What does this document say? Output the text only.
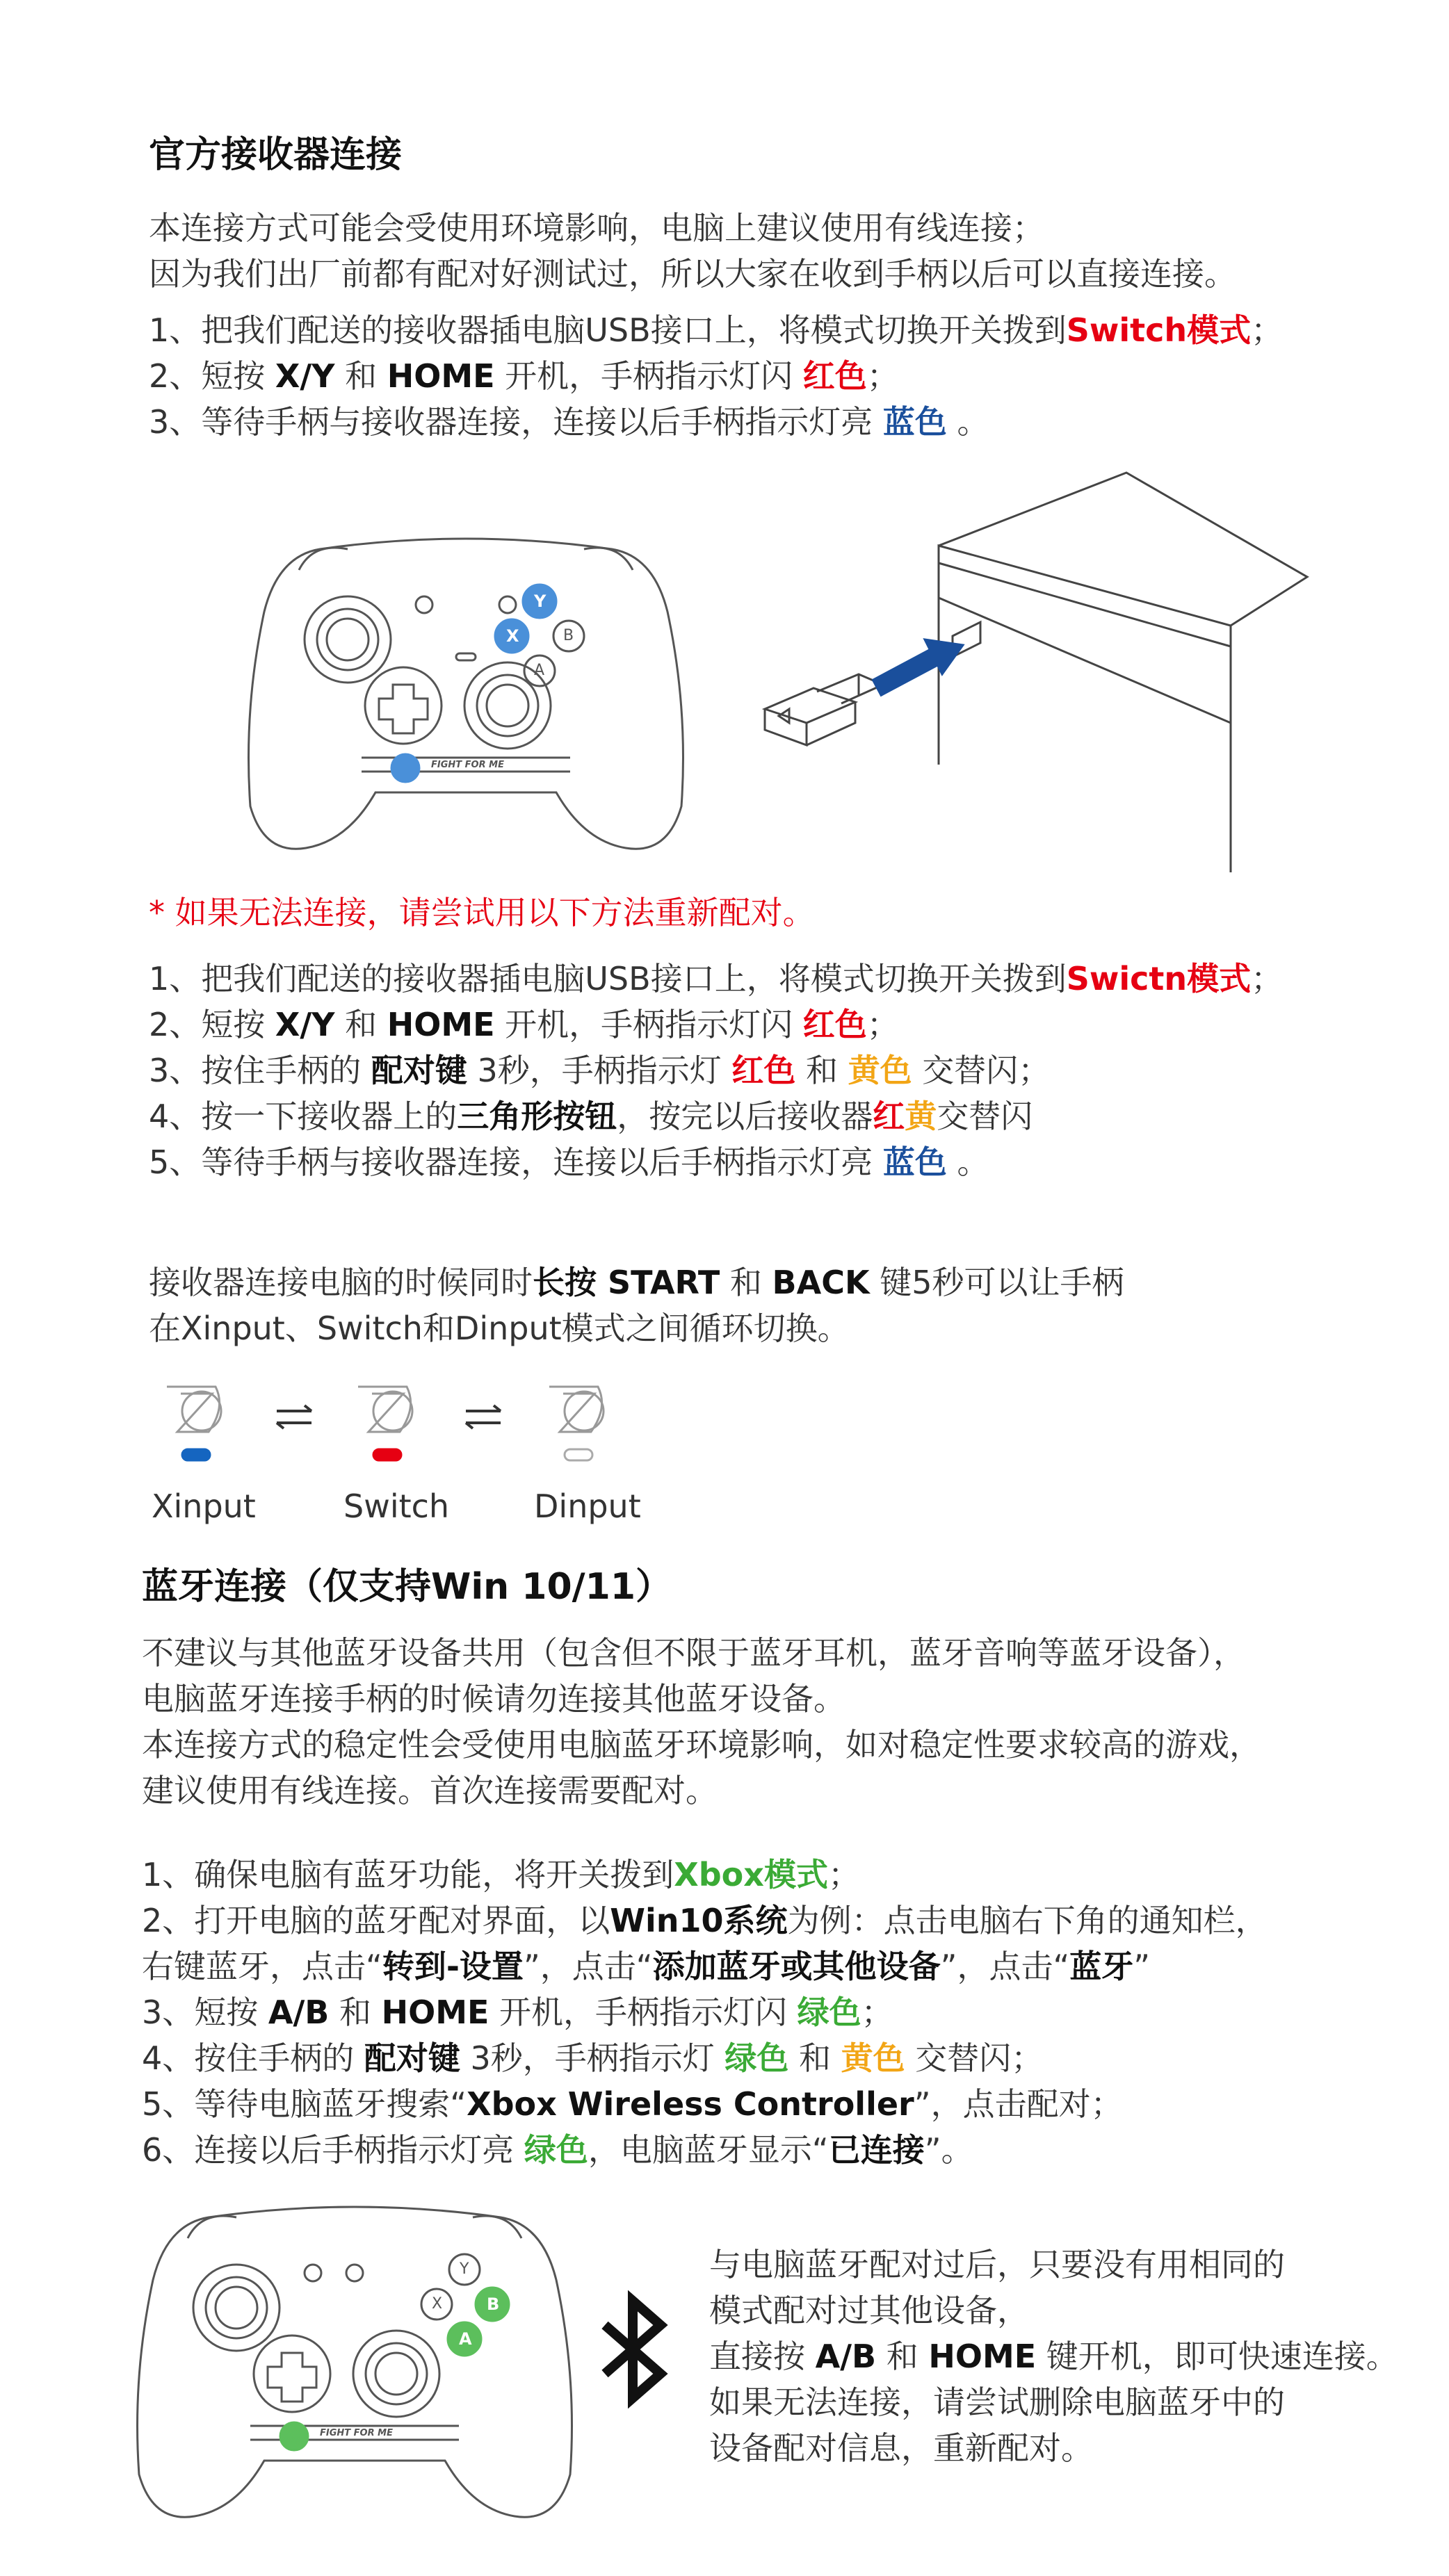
官方接收器连接
本连接方式可能会受使用环境影响，电脑上建议使用有线连接；
因为我们出厂前都有配对好测试过，所以大家在收到手柄以后可以直接连接。
1、把我们配送的接收器插电脑USB接口上，将模式切换开关拨到Switch模式；
2、短按 X/Y 和 HOME 开机，手柄指示灯闪 红色；
3、等待手柄与接收器连接，连接以后手柄指示灯亮 蓝色 。
Y
X	B
A
FIGHT FOR ME
* 如果无法连接，请尝试用以下方法重新配对。
1、把我们配送的接收器插电脑USB接口上，将模式切换开关拨到Swictn模式；
2、短按 X/Y 和 HOME 开机，手柄指示灯闪 红色；
3、按住手柄的 配对键 3秒，手柄指示灯 红色 和 黄色 交替闪；
4、按一下接收器上的三角形按钮，按完以后接收器红黄交替闪
5、等待手柄与接收器连接，连接以后手柄指示灯亮 蓝色 。
接收器连接电脑的时候同时长按 START 和 BACK 键5秒可以让手柄
在Xinput、Switch和Dinput模式之间循环切换。
Xinput	Switch	Dinput
蓝牙连接（仅支持Win 10/11）
不建议与其他蓝牙设备共用（包含但不限于蓝牙耳机，蓝牙音响等蓝牙设备），
电脑蓝牙连接手柄的时候请勿连接其他蓝牙设备。
本连接方式的稳定性会受使用电脑蓝牙环境影响，如对稳定性要求较高的游戏，
建议使用有线连接。首次连接需要配对。
1、确保电脑有蓝牙功能，将开关拨到Xbox模式；
2、打开电脑的蓝牙配对界面，以Win10系统为例：点击电脑右下角的通知栏，
右键蓝牙，点击“转到-设置”，点击“添加蓝牙或其他设备”，点击“蓝牙”
3、短按 A/B 和 HOME 开机，手柄指示灯闪 绿色；
4、按住手柄的 配对键 3秒，手柄指示灯 绿色 和 黄色 交替闪；
5、等待电脑蓝牙搜索“Xbox Wireless Controller”，点击配对；
6、连接以后手柄指示灯亮 绿色，电脑蓝牙显示“已连接”。
Y
X	B
A
FIGHT FOR ME
与电脑蓝牙配对过后，只要没有用相同的
模式配对过其他设备，
直接按 A/B 和 HOME 键开机，即可快速连接。
如果无法连接，请尝试删除电脑蓝牙中的
设备配对信息，重新配对。
